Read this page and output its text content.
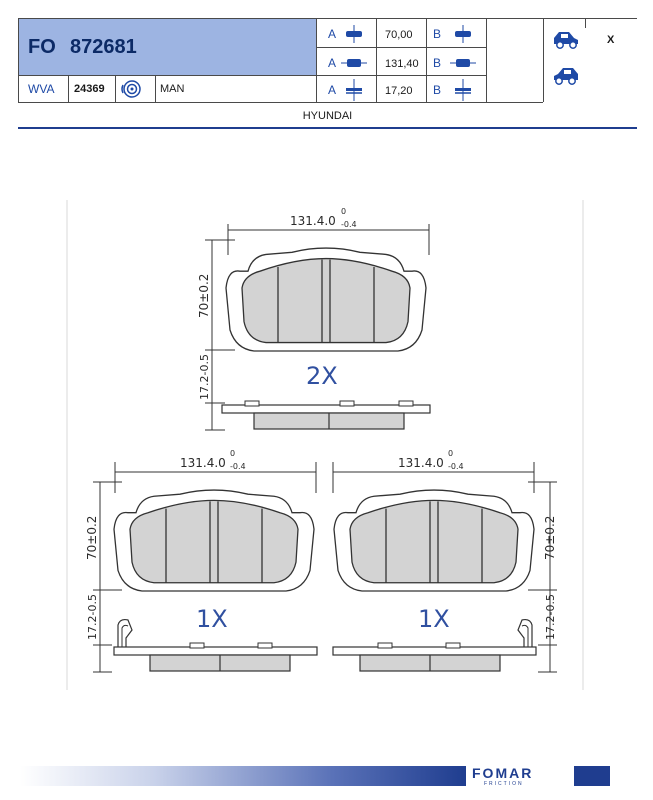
FO 872681
WVA 24369	MAN
A	70,00 B
A	131,40 B
A	17,20 B
X
HYUNDAI
131.4.0
0
-0.4
70±0.2
17.2-0.5	2X
131.4.0
0
-0.4
70±0.2
17.2-0.5	1X
131.4.0
0
-0.4
70±0.2
17.2-0.5
1X
FOMAR
FRICTION
